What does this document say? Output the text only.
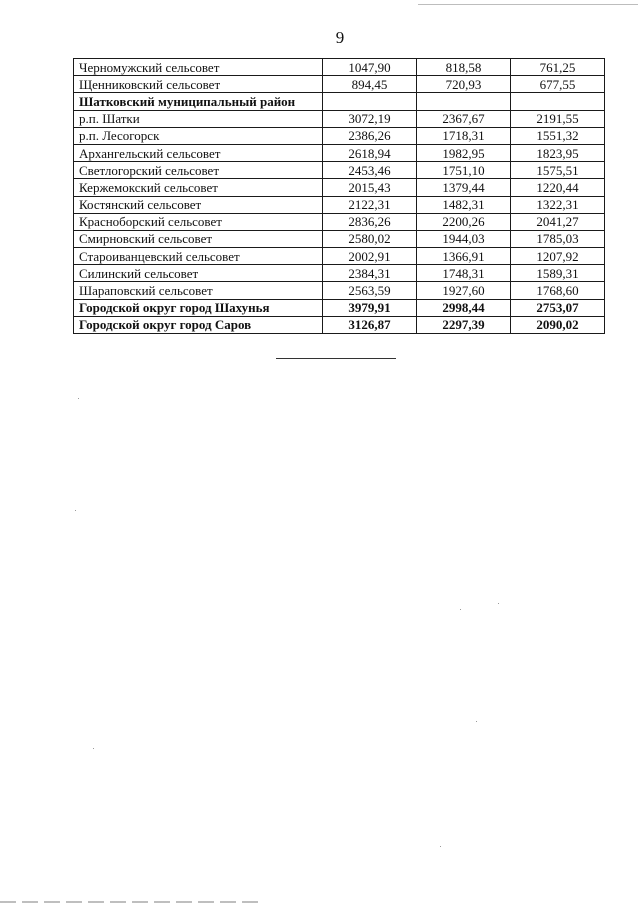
9
Черномужский сельсовет	1047,90	818,58	761,25
Щенниковский сельсовет	894,45	720,93	677,55
Шатковский муниципальный район			
р.п. Шатки	3072,19	2367,67	2191,55
р.п. Лесогорск	2386,26	1718,31	1551,32
Архангельский сельсовет	2618,94	1982,95	1823,95
Светлогорский сельсовет	2453,46	1751,10	1575,51
Кержемокский сельсовет	2015,43	1379,44	1220,44
Костянский сельсовет	2122,31	1482,31	1322,31
Красноборский сельсовет	2836,26	2200,26	2041,27
Смирновский сельсовет	2580,02	1944,03	1785,03
Староиванцевский сельсовет	2002,91	1366,91	1207,92
Силинский сельсовет	2384,31	1748,31	1589,31
Шараповский сельсовет	2563,59	1927,60	1768,60
Городской округ город Шахунья	3979,91	2998,44	2753,07
Городской округ город Саров	3126,87	2297,39	2090,02
